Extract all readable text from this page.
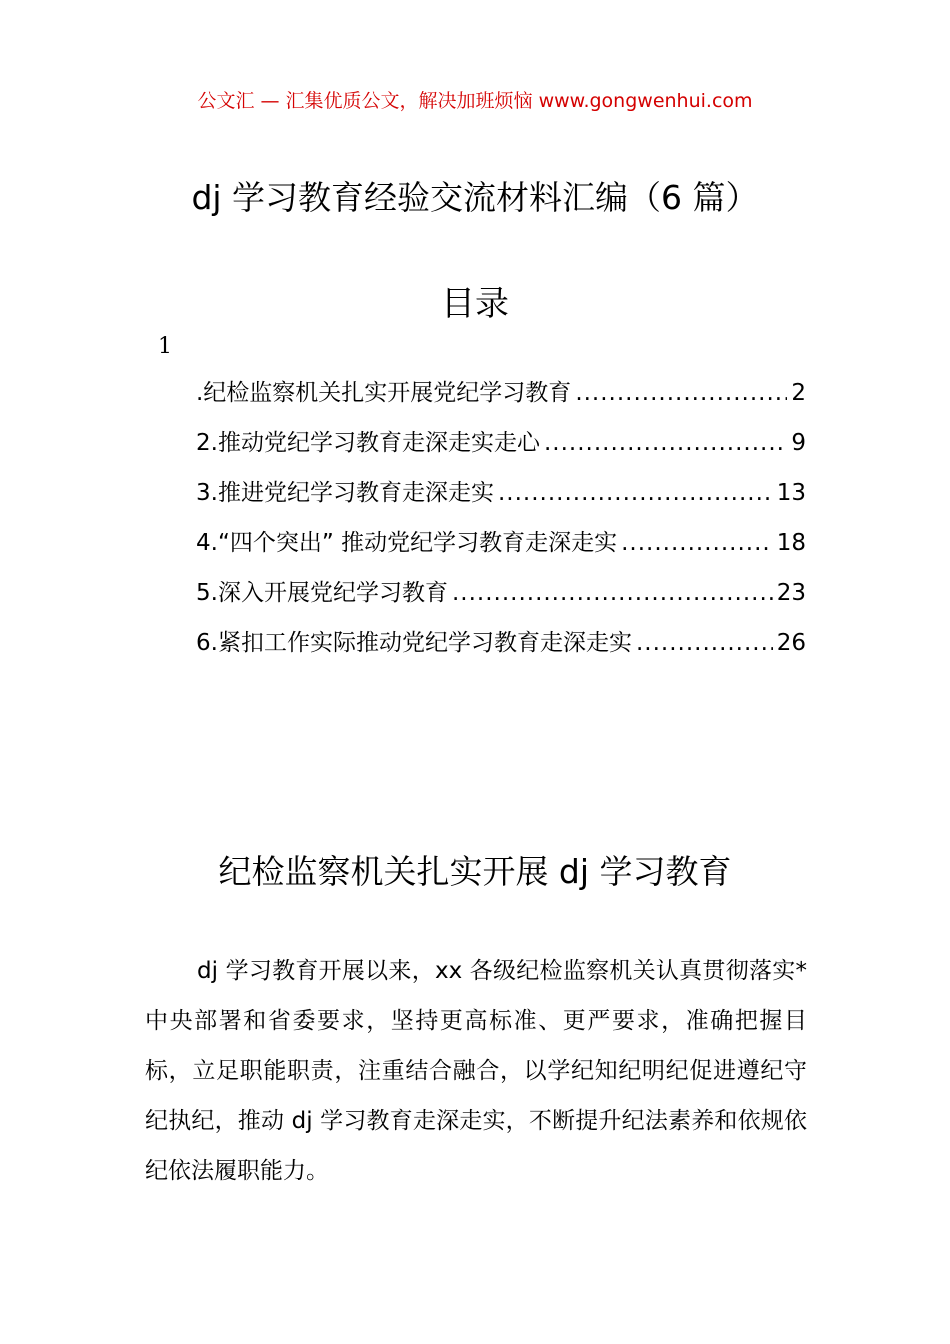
公文汇 — 汇集优质公文，解决加班烦恼 www.gongwenhui.com
dj 学习教育经验交流材料汇编（6 篇）
目录
1
.纪检监察机关扎实开展党纪学习教育 .....	2
2.推动党纪学习教育走深走实走心 .....	9
3.推进党纪学习教育走深走实 .....	13
4.“四个突出” 推动党纪学习教育走深走实 .....	18
5.深入开展党纪学习教育 .....	23
6.紧扣工作实际推动党纪学习教育走深走实 .....	26
纪检监察机关扎实开展 dj 学习教育

dj 学习教育开展以来，xx 各级纪检监察机关认真贯彻落实*中央部署和省委要求，坚持更高标准、更严要求，准确把握目标，立足职能职责，注重结合融合，以学纪知纪明纪促进遵纪守纪执纪，推动 dj 学习教育走深走实，不断提升纪法素养和依规依纪依法履职能力。
